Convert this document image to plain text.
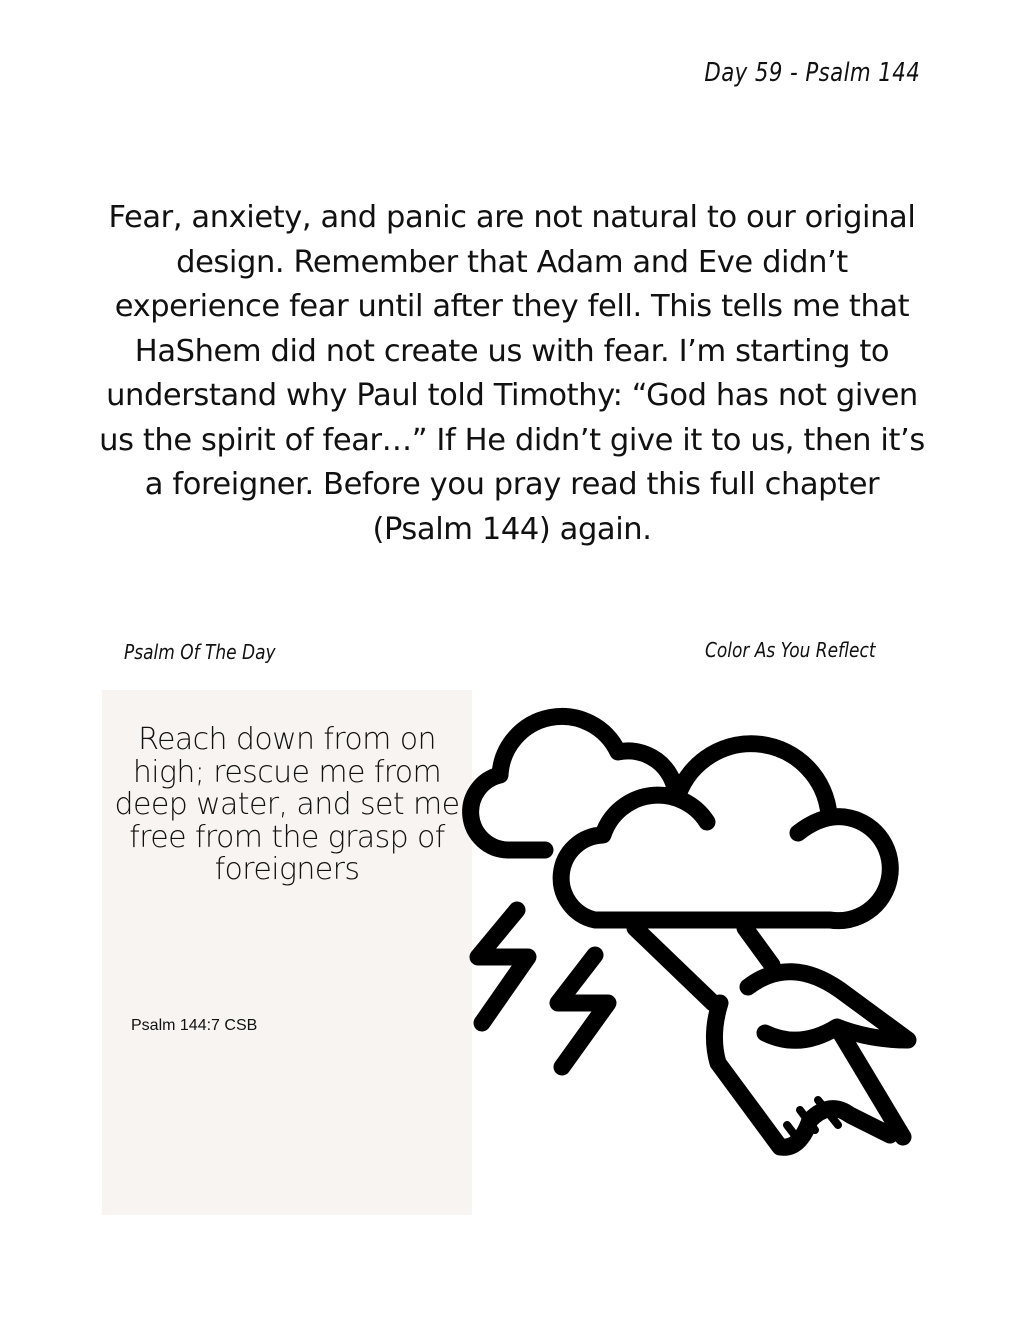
Day 59 - Psalm 144
Fear, anxiety, and panic are not natural to our original design. Remember that Adam and Eve didn’t experience fear until after they fell. This tells me that HaShem did not create us with fear. I’m starting to understand why Paul told Timothy: “God has not given us the spirit of fear…” If He didn’t give it to us, then it’s a foreigner. Before you pray read this full chapter (Psalm 144) again.
Psalm Of The Day	Color As You Reflect
Reach down from on high; rescue me from deep water, and set me free from the grasp of foreigners
Psalm 144:7 CSB
